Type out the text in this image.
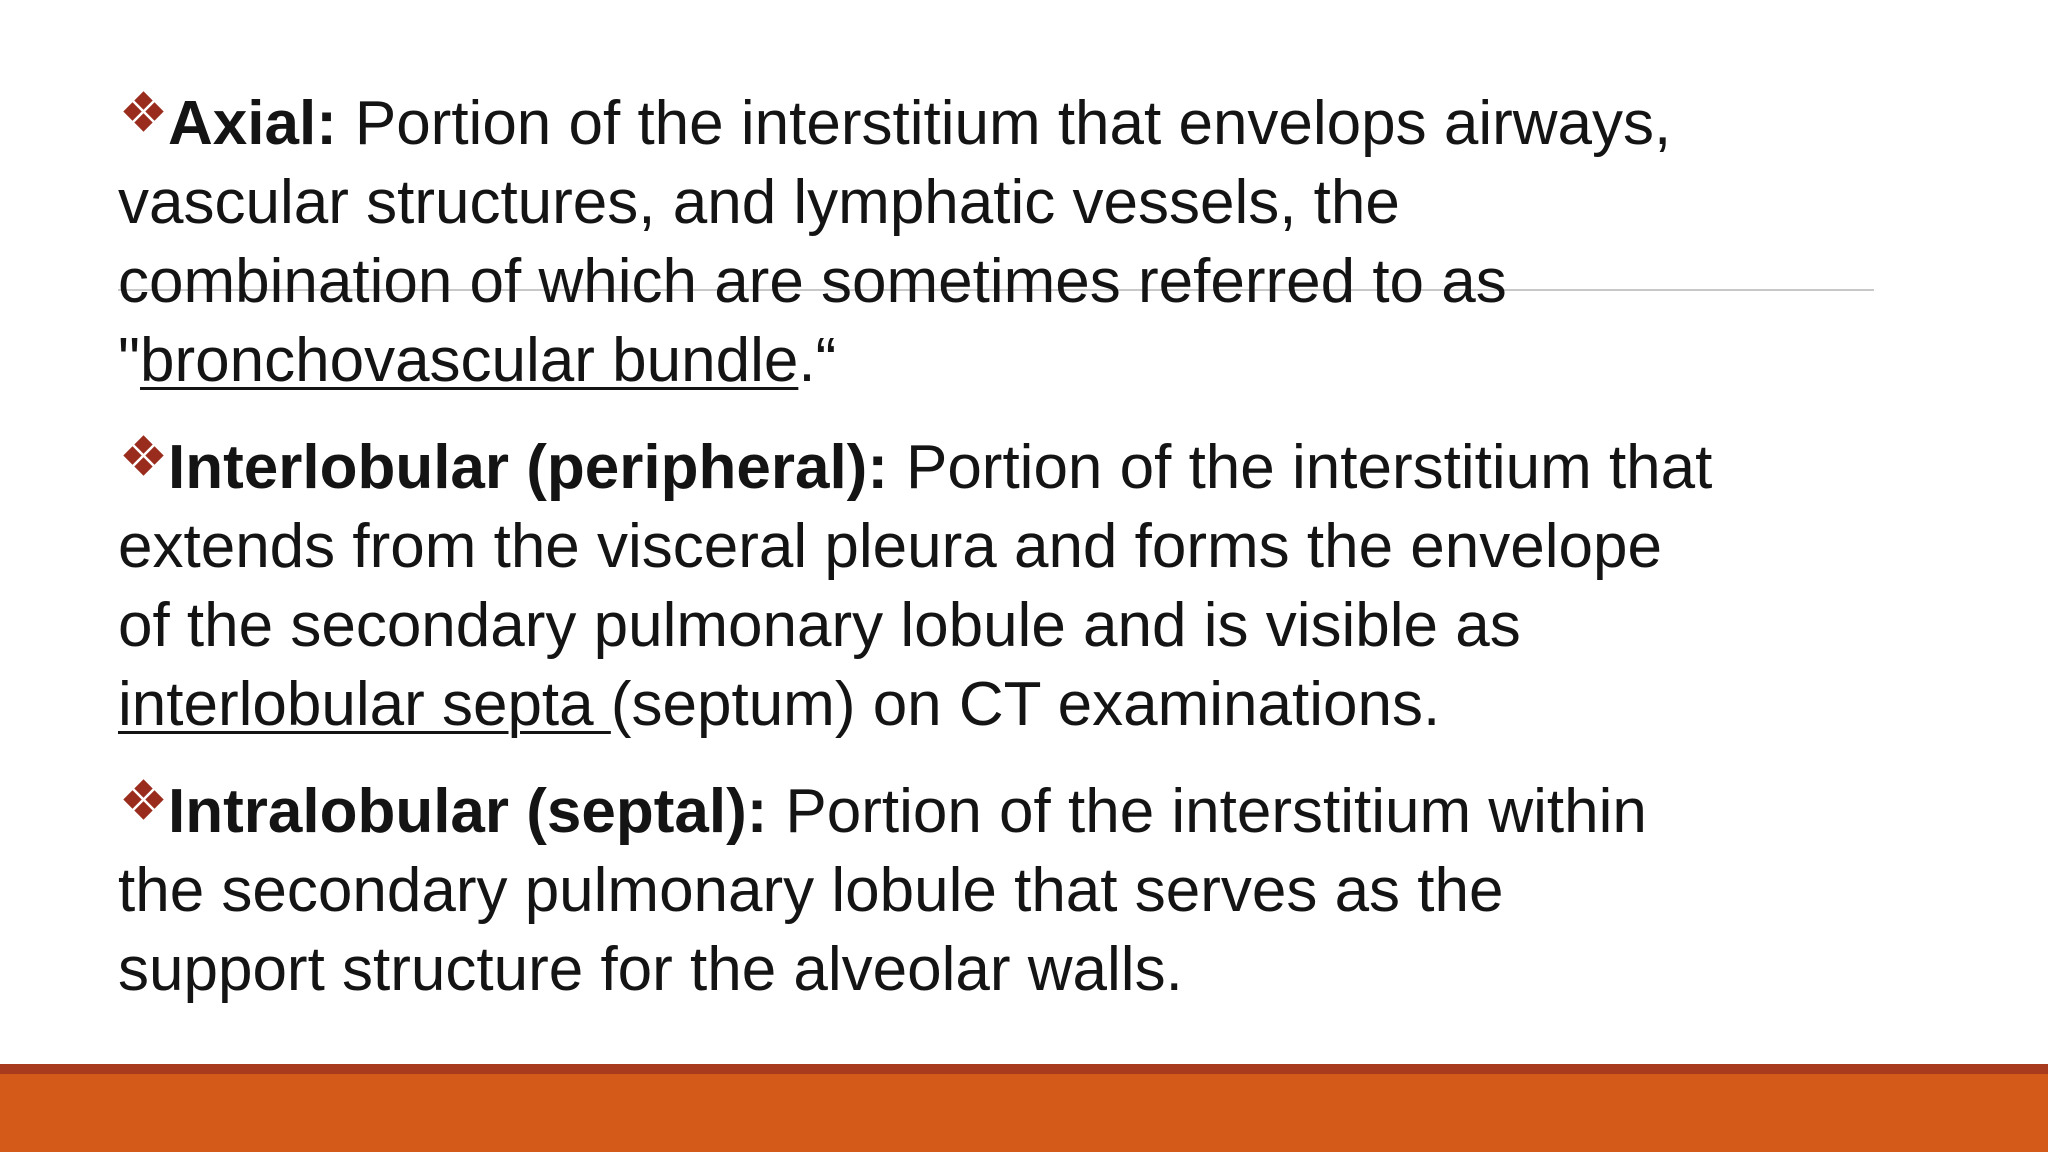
Axial: Portion of the interstitium that envelops airways,
vascular structures, and lymphatic vessels, the
combination of which are sometimes referred to as
"bronchovascular bundle.“
Interlobular (peripheral): Portion of the interstitium that
extends from the visceral pleura and forms the envelope
of the secondary pulmonary lobule and is visible as
interlobular septa (septum) on CT examinations.
Intralobular (septal): Portion of the interstitium within
the secondary pulmonary lobule that serves as the
support structure for the alveolar walls.
